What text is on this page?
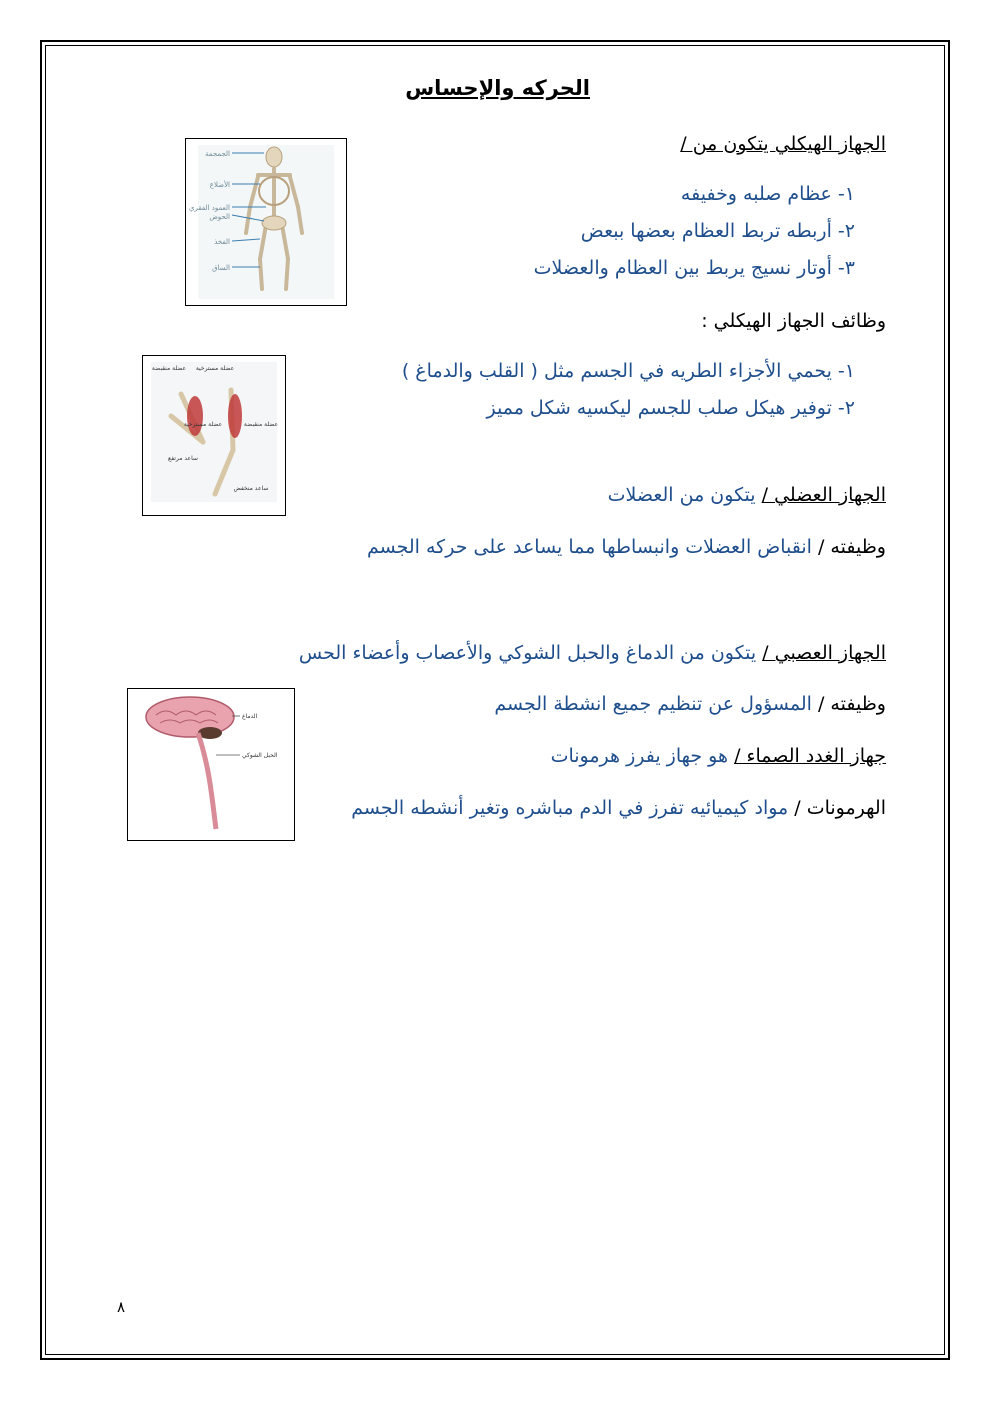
الحركه والإحساس
الجهاز الهيكلي يتكون من /
١- عظام صلبه وخفيفه
٢- أربطه تربط العظام بعضها ببعض
٣- أوتار نسيج يربط بين العظام والعضلات
وظائف الجهاز الهيكلي :
١- يحمي الأجزاء الطريه في الجسم مثل ( القلب والدماغ )
٢- توفير هيكل صلب للجسم ليكسيه شكل مميز
الجهاز العضلي / يتكون من العضلات
وظيفته / انقباض العضلات وانبساطها مما يساعد على حركه الجسم
الجهاز العصبي / يتكون من الدماغ والحبل الشوكي والأعصاب وأعضاء الحس
وظيفته / المسؤول عن تنظيم جميع انشطة الجسم
جهاز الغدد الصماء / هو جهاز يفرز هرمونات
الهرمونات / مواد كيميائيه تفرز في الدم مباشره وتغير أنشطه الجسم
الجمجمة
الأضلاع
العمود الفقري
الحوض
الفخذ
الساق
عضلة منقبضة عضلة مسترخية
عضلة مسترخية	عضلة منقبضة
ساعد مرتفع
ساعد منخفض
الدماغ
الحبل الشوكي
٨
